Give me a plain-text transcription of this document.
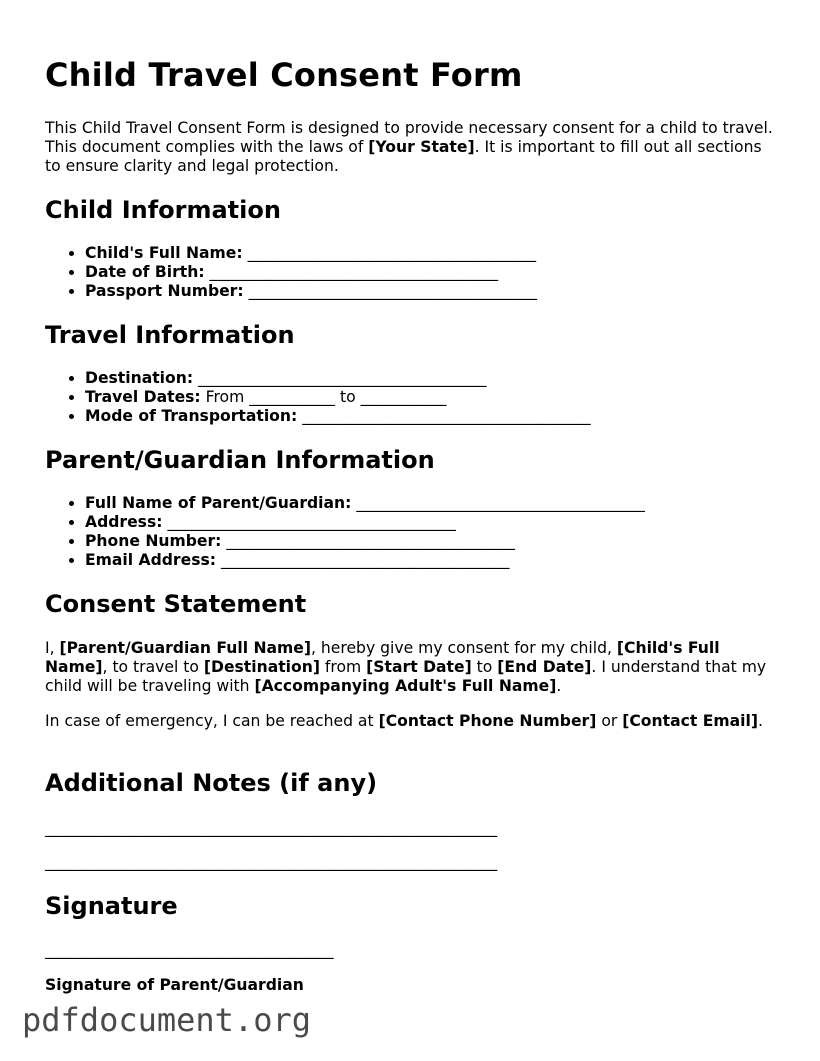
Child Travel Consent Form

This Child Travel Consent Form is designed to provide necessary consent for a child to travel. This document complies with the laws of [Your State]. It is important to fill out all sections to ensure clarity and legal protection.

Child Information
• Child's Full Name: _____________________________________
• Date of Birth: _____________________________________
• Passport Number: _____________________________________
Travel Information
• Destination: _____________________________________
• Travel Dates: From ___________ to ___________
• Mode of Transportation: _____________________________________
Parent/Guardian Information
• Full Name of Parent/Guardian: _____________________________________
• Address: _____________________________________
• Phone Number: _____________________________________
• Email Address: _____________________________________
Consent Statement

I, [Parent/Guardian Full Name], hereby give my consent for my child, [Child's Full Name], to travel to [Destination] from [Start Date] to [End Date]. I understand that my child will be traveling with [Accompanying Adult's Full Name].

In case of emergency, I can be reached at [Contact Phone Number] or [Contact Email].

Additional Notes (if any)
__________________________________________________________
__________________________________________________________
Signature
_____________________________________
Signature of Parent/Guardian
pdfdocument.org
